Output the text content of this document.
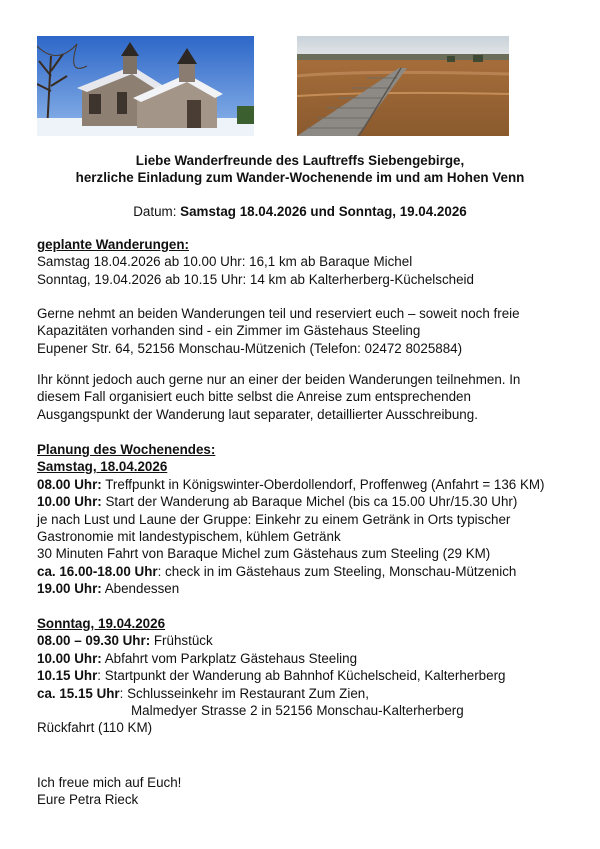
Liebe Wanderfreunde des Lauftreffs Siebengebirge,
herzliche Einladung zum Wander-Wochenende im und am Hohen Venn
Datum: Samstag 18.04.2026 und Sonntag, 19.04.2026
geplante Wanderungen:
Samstag 18.04.2026 ab 10.00 Uhr: 16,1 km ab Baraque Michel
Sonntag, 19.04.2026 ab 10.15 Uhr: 14 km ab Kalterherberg-Küchelscheid
Gerne nehmt an beiden Wanderungen teil und reserviert euch – soweit noch freie
Kapazitäten vorhanden sind - ein Zimmer im Gästehaus Steeling
Eupener Str. 64, 52156 Monschau-Mützenich (Telefon: 02472 8025884)
Ihr könnt jedoch auch gerne nur an einer der beiden Wanderungen teilnehmen. In
diesem Fall organisiert euch bitte selbst die Anreise zum entsprechenden
Ausgangspunkt der Wanderung laut separater, detaillierter Ausschreibung.
Planung des Wochenendes:
Samstag, 18.04.2026
08.00 Uhr: Treffpunkt in Königswinter-Oberdollendorf, Proffenweg (Anfahrt = 136 KM)
10.00 Uhr: Start der Wanderung ab Baraque Michel (bis ca 15.00 Uhr/15.30 Uhr)
je nach Lust und Laune der Gruppe: Einkehr zu einem Getränk in Orts typischer
Gastronomie mit landestypischem, kühlem Getränk
30 Minuten Fahrt von Baraque Michel zum Gästehaus zum Steeling (29 KM)
ca. 16.00-18.00 Uhr: check in im Gästehaus zum Steeling, Monschau-Mützenich
19.00 Uhr: Abendessen
Sonntag, 19.04.2026
08.00 – 09.30 Uhr: Frühstück
10.00 Uhr: Abfahrt vom Parkplatz Gästehaus Steeling
10.15 Uhr: Startpunkt der Wanderung ab Bahnhof Küchelscheid, Kalterherberg
ca. 15.15 Uhr: Schlusseinkehr im Restaurant Zum Zien,
Malmedyer Strasse 2 in 52156 Monschau-Kalterherberg
Rückfahrt (110 KM)
Ich freue mich auf Euch!
Eure Petra Rieck
